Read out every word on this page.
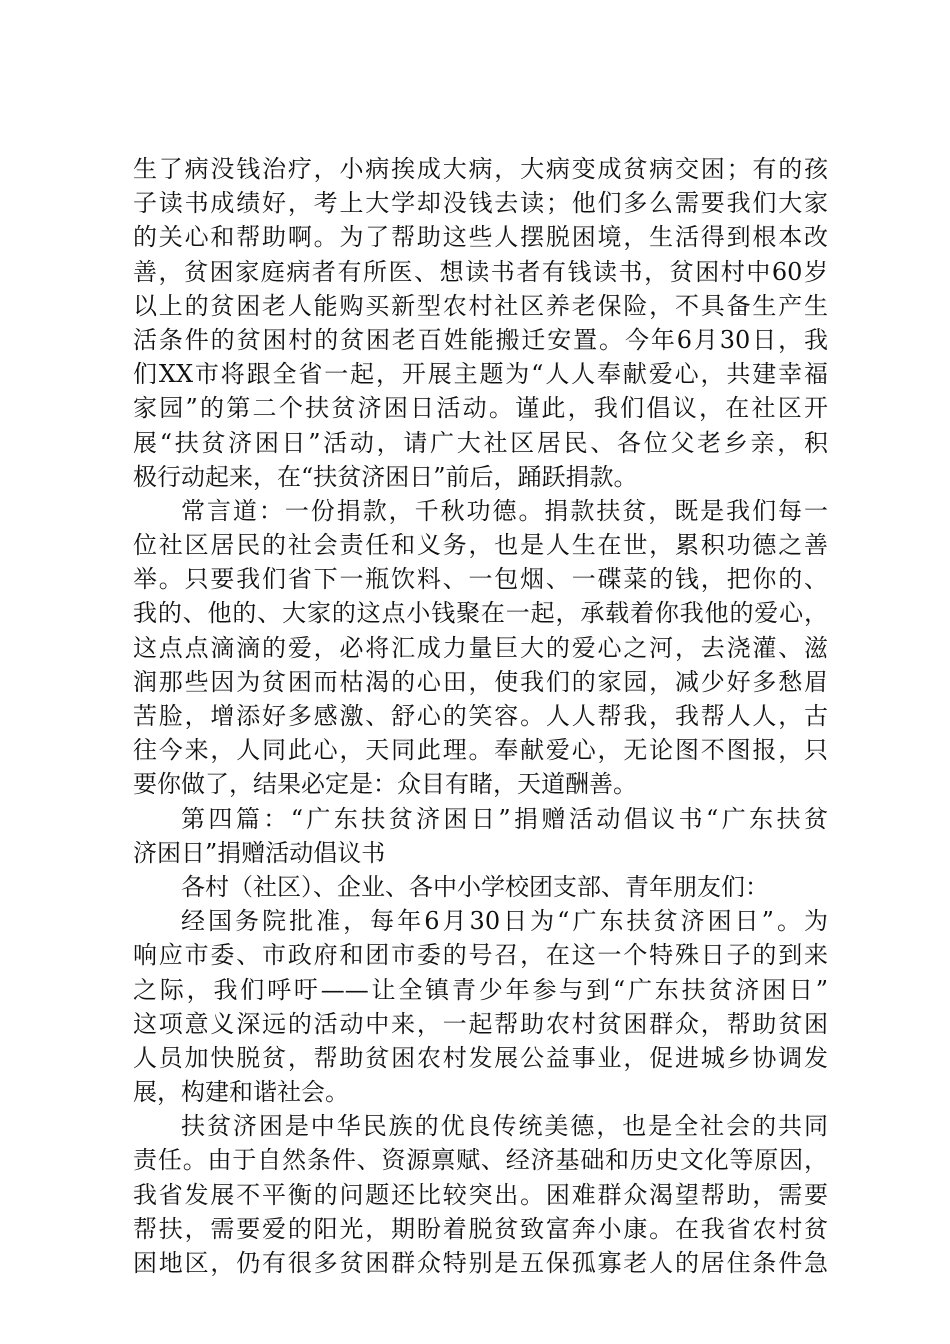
生了病没钱治疗，小病挨成大病，大病变成贫病交困；有的孩
子读书成绩好，考上大学却没钱去读；他们多么需要我们大家
的关心和帮助啊。为了帮助这些人摆脱困境，生活得到根本改
善，贫困家庭病者有所医、想读书者有钱读书，贫困村中60岁
以上的贫困老人能购买新型农村社区养老保险，不具备生产生
活条件的贫困村的贫困老百姓能搬迁安置。今年6月30日，我
们XX市将跟全省一起，开展主题为“人人奉献爱心，共建幸福
家园”的第二个扶贫济困日活动。谨此，我们倡议，在社区开
展“扶贫济困日”活动，请广大社区居民、各位父老乡亲，积
极行动起来，在“扶贫济困日”前后，踊跃捐款。
常言道：一份捐款，千秋功德。捐款扶贫，既是我们每一
位社区居民的社会责任和义务，也是人生在世，累积功德之善
举。只要我们省下一瓶饮料、一包烟、一碟菜的钱，把你的、
我的、他的、大家的这点小钱聚在一起，承载着你我他的爱心，
这点点滴滴的爱，必将汇成力量巨大的爱心之河，去浇灌、滋
润那些因为贫困而枯渴的心田，使我们的家园，减少好多愁眉
苦脸，增添好多感激、舒心的笑容。人人帮我，我帮人人，古
往今来，人同此心，天同此理。奉献爱心，无论图不图报，只
要你做了，结果必定是：众目有睹，天道酬善。
第四篇：“广东扶贫济困日”捐赠活动倡议书“广东扶贫
济困日”捐赠活动倡议书
各村（社区）、企业、各中小学校团支部、青年朋友们：
经国务院批准，每年6月30日为“广东扶贫济困日”。为
响应市委、市政府和团市委的号召，在这一个特殊日子的到来
之际，我们呼吁——让全镇青少年参与到“广东扶贫济困日”
这项意义深远的活动中来，一起帮助农村贫困群众，帮助贫困
人员加快脱贫，帮助贫困农村发展公益事业，促进城乡协调发
展，构建和谐社会。
扶贫济困是中华民族的优良传统美德，也是全社会的共同
责任。由于自然条件、资源禀赋、经济基础和历史文化等原因，
我省发展不平衡的问题还比较突出。困难群众渴望帮助，需要
帮扶，需要爱的阳光，期盼着脱贫致富奔小康。在我省农村贫
困地区，仍有很多贫困群众特别是五保孤寡老人的居住条件急
